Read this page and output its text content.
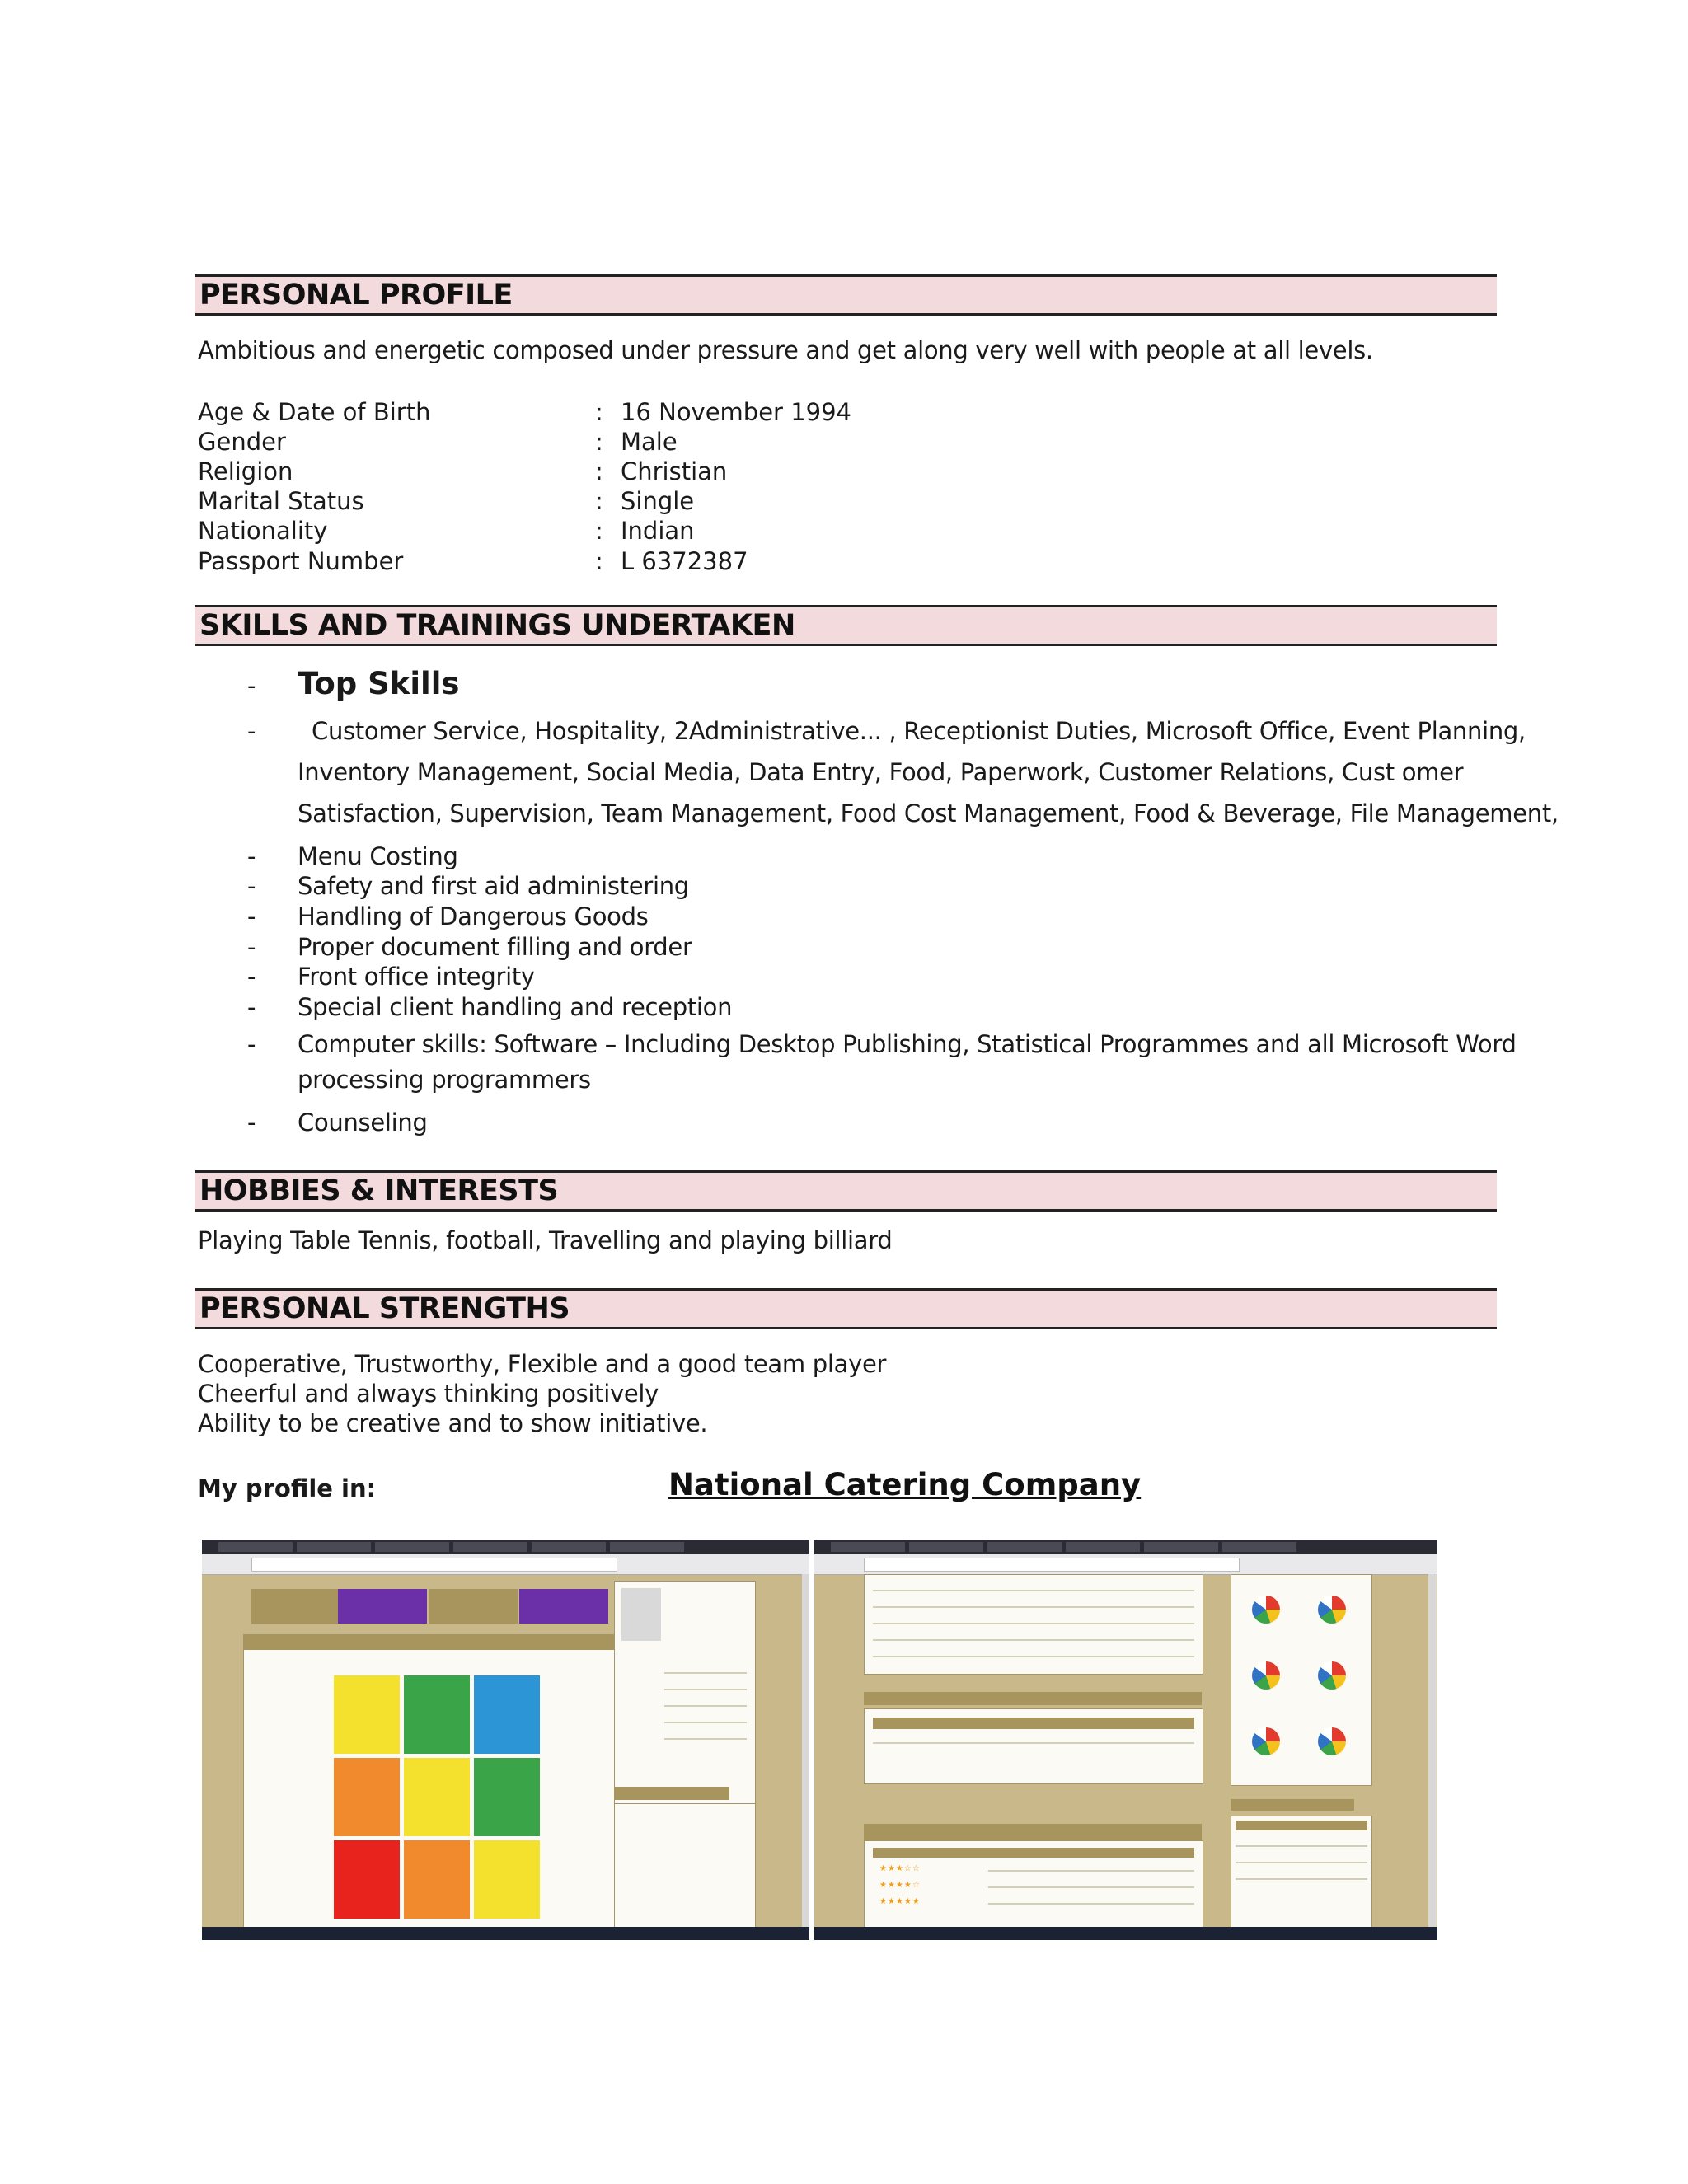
PERSONAL PROFILE
Ambitious and energetic composed under pressure and get along very well with people at all levels.
Age & Date of Birth	: 16 November 1994
Gender	: Male
Religion	: Christian
Marital Status	: Single
Nationality	: Indian
Passport Number	: L 6372387
SKILLS AND TRAININGS UNDERTAKEN
- Top Skills
- Customer Service, Hospitality, 2Administrative... , Receptionist Duties, Microsoft Office, Event Planning,
Inventory Management, Social Media, Data Entry, Food, Paperwork, Customer Relations, Cust omer
Satisfaction, Supervision, Team Management, Food Cost Management, Food & Beverage, File Management,
- Menu Costing
- Safety and first aid administering
- Handling of Dangerous Goods
- Proper document filling and order
- Front office integrity
- Special client handling and reception
- Computer skills: Software – Including Desktop Publishing, Statistical Programmes and all Microsoft Word
processing programmers
- Counseling
HOBBIES & INTERESTS
Playing Table Tennis, football, Travelling and playing billiard
PERSONAL STRENGTHS
Cooperative, Trustworthy, Flexible and a good team player
Cheerful and always thinking positively
Ability to be creative and to show initiative.
My profile in:	National Catering Company
★★★☆☆
★★★★☆
★★★★★
